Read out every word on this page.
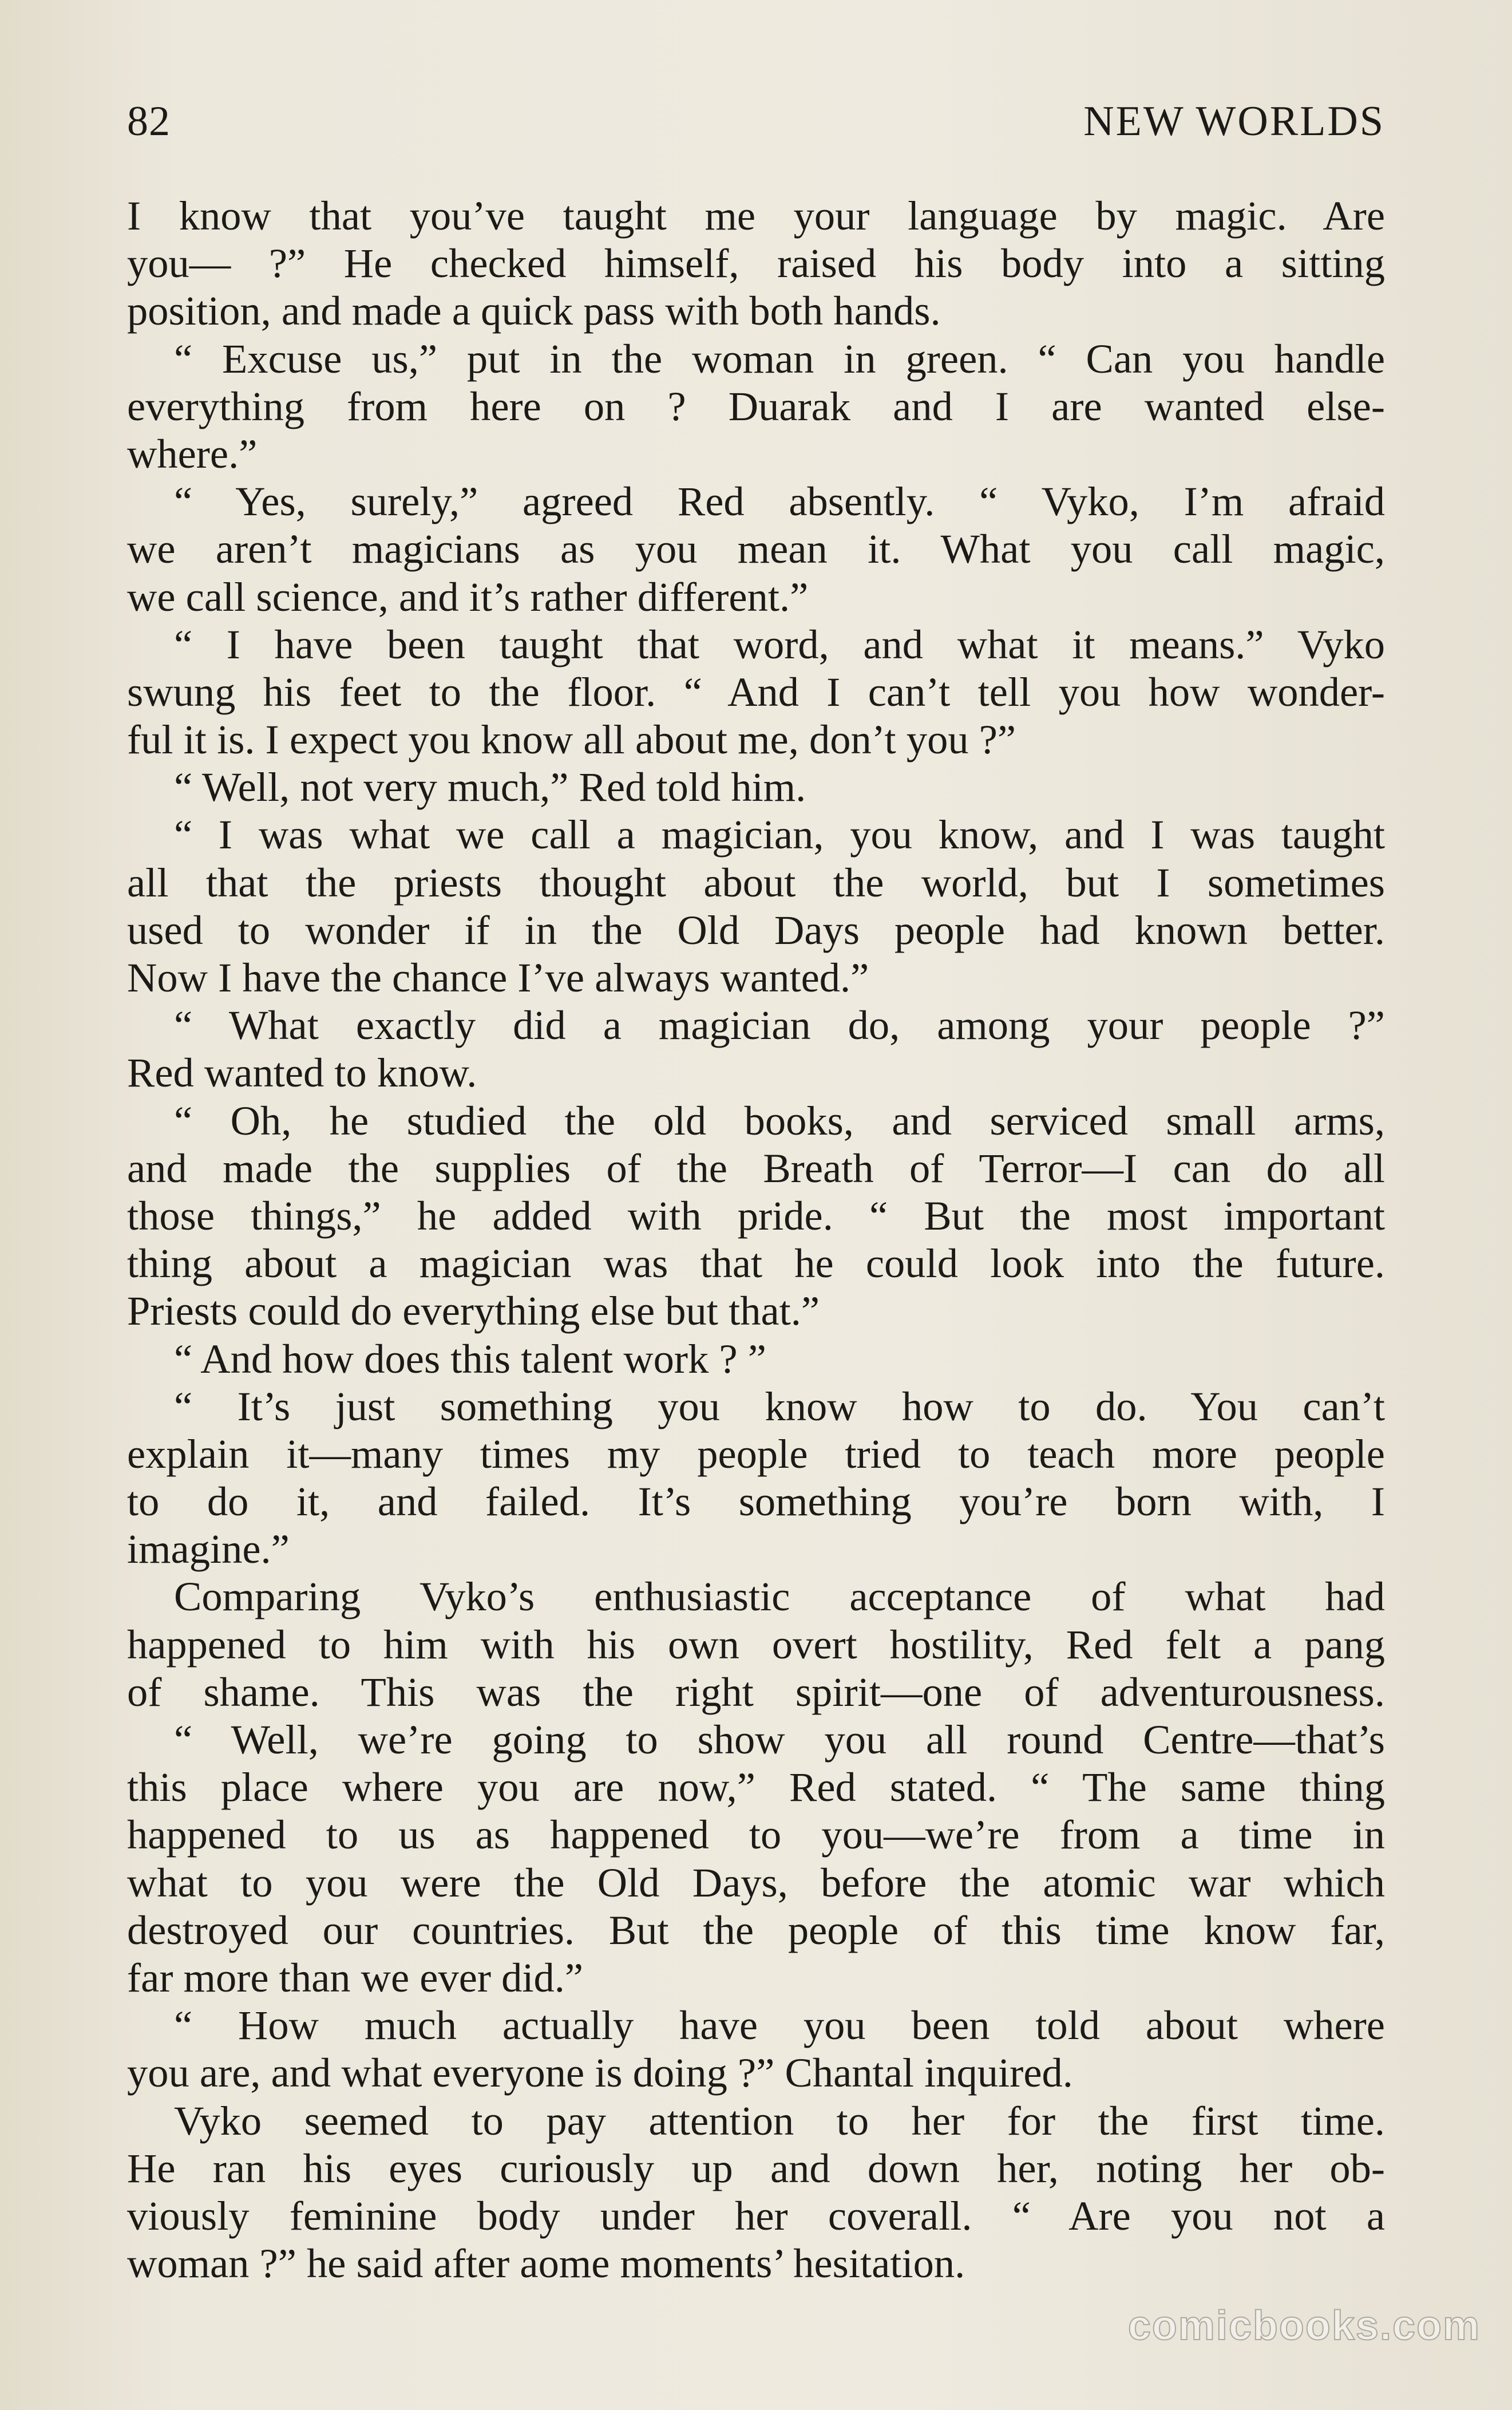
82	NEW WORLDS
I know that you’ve taught me your language by magic. Are
you— ?” He checked himself, raised his body into a sitting
position, and made a quick pass with both hands.
“ Excuse us,” put in the woman in green. “ Can you handle
everything from here on ? Duarak and I are wanted else-
where.”
“ Yes, surely,” agreed Red absently. “ Vyko, I’m afraid
we aren’t magicians as you mean it. What you call magic,
we call science, and it’s rather different.”
“ I have been taught that word, and what it means.” Vyko
swung his feet to the floor. “ And I can’t tell you how wonder-
ful it is. I expect you know all about me, don’t you ?”
“ Well, not very much,” Red told him.
“ I was what we call a magician, you know, and I was taught
all that the priests thought about the world, but I sometimes
used to wonder if in the Old Days people had known better.
Now I have the chance I’ve always wanted.”
“ What exactly did a magician do, among your people ?”
Red wanted to know.
“ Oh, he studied the old books, and serviced small arms,
and made the supplies of the Breath of Terror—I can do all
those things,” he added with pride. “ But the most important
thing about a magician was that he could look into the future.
Priests could do everything else but that.”
“ And how does this talent work ? ”
“ It’s just something you know how to do. You can’t
explain it—many times my people tried to teach more people
to do it, and failed. It’s something you’re born with, I
imagine.”
Comparing Vyko’s enthusiastic acceptance of what had
happened to him with his own overt hostility, Red felt a pang
of shame. This was the right spirit—one of adventurousness.
“ Well, we’re going to show you all round Centre—that’s
this place where you are now,” Red stated. “ The same thing
happened to us as happened to you—we’re from a time in
what to you were the Old Days, before the atomic war which
destroyed our countries. But the people of this time know far,
far more than we ever did.”
“ How much actually have you been told about where
you are, and what everyone is doing ?” Chantal inquired.
Vyko seemed to pay attention to her for the first time.
He ran his eyes curiously up and down her, noting her ob-
viously feminine body under her coverall. “ Are you not a
woman ?” he said after aome moments’ hesitation.
comicbooks.com
